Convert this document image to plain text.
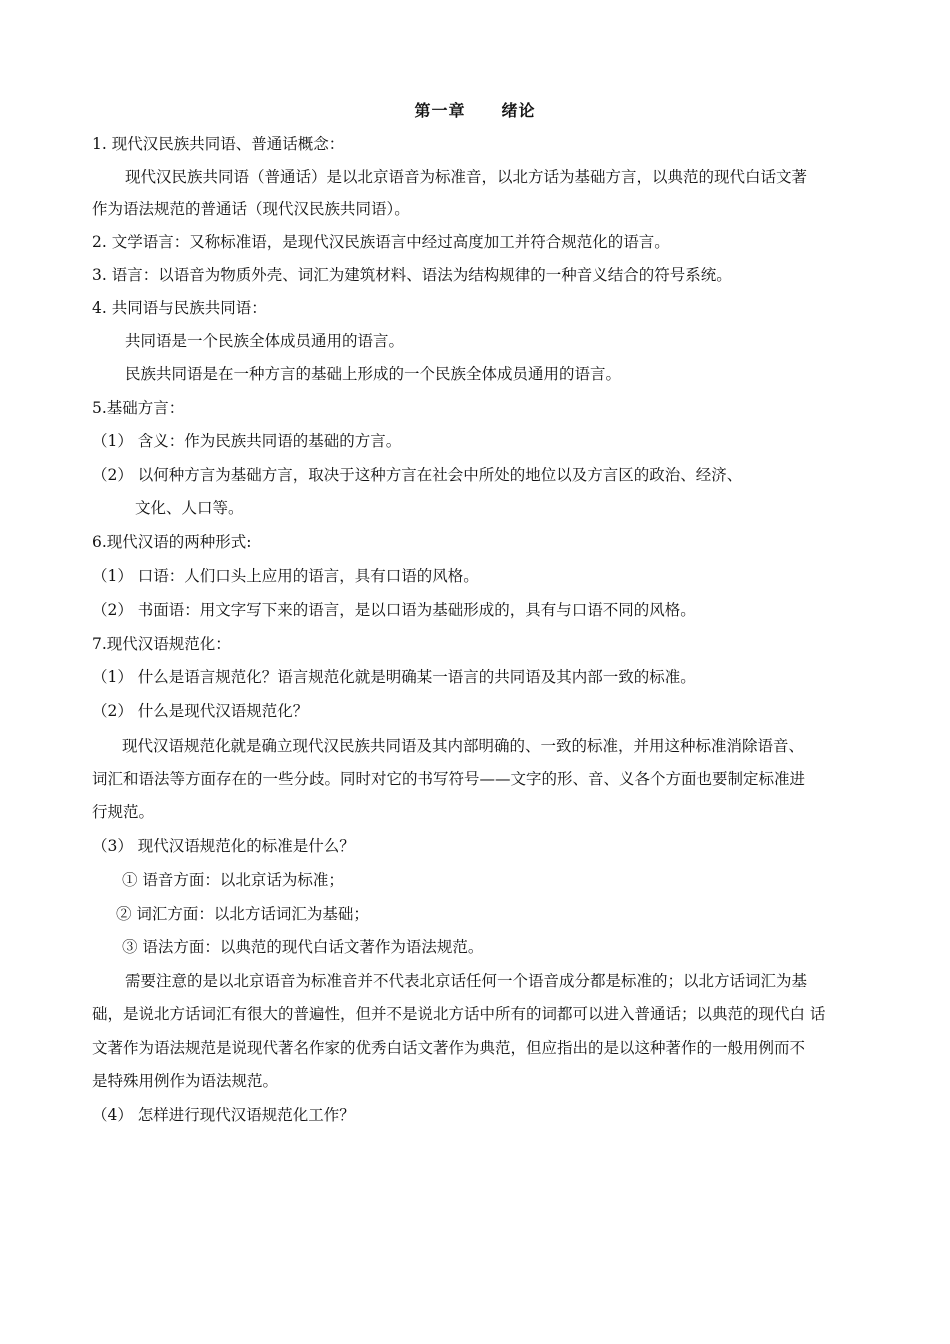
第一章 绪论
1. 现代汉民族共同语、普通话概念：
现代汉民族共同语（普通话）是以北京语音为标准音，以北方话为基础方言，以典范的现代白话文著
作为语法规范的普通话（现代汉民族共同语）。
2. 文学语言：又称标准语，是现代汉民族语言中经过高度加工并符合规范化的语言。
3. 语言：以语音为物质外壳、词汇为建筑材料、语法为结构规律的一种音义结合的符号系统。
4. 共同语与民族共同语：
共同语是一个民族全体成员通用的语言。
民族共同语是在一种方言的基础上形成的一个民族全体成员通用的语言。
5.基础方言：
（1） 含义：作为民族共同语的基础的方言。
（2） 以何种方言为基础方言，取决于这种方言在社会中所处的地位以及方言区的政治、经济、
文化、人口等。
6.现代汉语的两种形式:
（1） 口语：人们口头上应用的语言，具有口语的风格。
（2） 书面语：用文字写下来的语言，是以口语为基础形成的，具有与口语不同的风格。
7.现代汉语规范化：
（1） 什么是语言规范化？语言规范化就是明确某一语言的共同语及其内部一致的标准。
（2） 什么是现代汉语规范化？
现代汉语规范化就是确立现代汉民族共同语及其内部明确的、一致的标准，并用这种标准消除语音、
词汇和语法等方面存在的一些分歧。同时对它的书写符号——文字的形、音、义各个方面也要制定标准进
行规范。
（3） 现代汉语规范化的标准是什么？
① 语音方面：以北京话为标准；
② 词汇方面：以北方话词汇为基础；
③ 语法方面：以典范的现代白话文著作为语法规范。
需要注意的是以北京语音为标准音并不代表北京话任何一个语音成分都是标准的；以北方话词汇为基
础，是说北方话词汇有很大的普遍性，但并不是说北方话中所有的词都可以进入普通话；以典范的现代白 话
文著作为语法规范是说现代著名作家的优秀白话文著作为典范，但应指出的是以这种著作的一般用例而不
是特殊用例作为语法规范。
（4） 怎样进行现代汉语规范化工作？
